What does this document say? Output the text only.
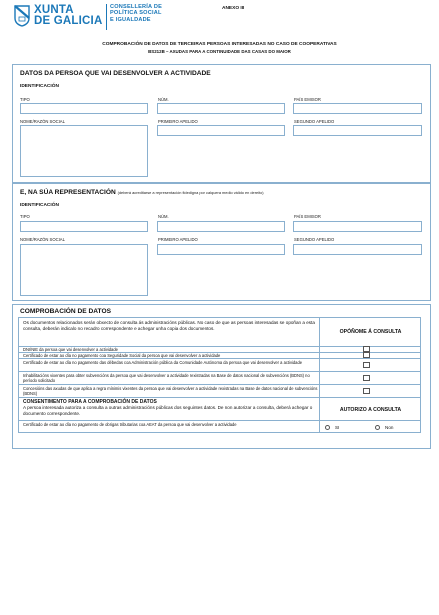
XUNTA
DE GALICIA
CONSELLERÍA DE
POLÍTICA SOCIAL
E IGUALDADE
ANEXO III
COMPROBACIÓN DE DATOS DE TERCEIRAS PERSOAS INTERESADAS NO CASO DE COOPERATIVAS
BS212B – AXUDAS PARA A CONTINUIDADE DAS CASAS DO MAIOR
DATOS DA PERSOA QUE VAI DESENVOLVER A ACTIVIDADE
IDENTIFICACIÓN
TIPO	NÚM.	PAÍS EMISOR
NOME/RAZÓN SOCIAL	PRIMEIRO APELIDO	SEGUNDO APELIDO
E, NA SÚA REPRESENTACIÓN (deberá acreditarse a representación fidedigna por calquera medio válido en dereito)
IDENTIFICACIÓN
TIPO	NÚM.	PAÍS EMISOR
NOME/RAZÓN SOCIAL	PRIMEIRO APELIDO	SEGUNDO APELIDO
COMPROBACIÓN DE DATOS
Os documentos relacionados serán obxecto de consulta ás administracións públicas. No caso de que as persoas interesadas se opoñan a esta consulta, deberán indicalo no recadro correspondente e achegar unha copia dos documentos.
OPÓÑOME Á CONSULTA
DNI/NIE da persoa que vai desenvolver a actividade
Certificado de estar ao día no pagamento coa Seguridade Social da persoa que vai desenvolver a actividade
Certificado de estar ao día no pagamento das débedas coa Administración pública da Comunidade Autónoma da persoa que vai desenvolver a actividade
Inhabilitacións vixentes para obter subvencións da persoa que vai desenvolver a actividade rexistradas na Base de datos nacional de subvencións (BDNS) no período solicitado
Concesións das axudas de que aplica a regra mínimis vixentes da persoa que vai desenvolver a actividade rexistradas na Base de datos nacional de subvencións (BDNS)
CONSENTIMENTO PARA A COMPROBACIÓN DE DATOS
A persoa interesada autoriza a consulta a outras administracións públicas dos seguintes datos. De non autorizar a consulta, deberá achegar o documento correspondente.
AUTORIZO A CONSULTA
Certificado de estar ao día no pagamento de obrigas tributarias coa AEAT da persoa que vai desenvolver a actividade
SI	Non
